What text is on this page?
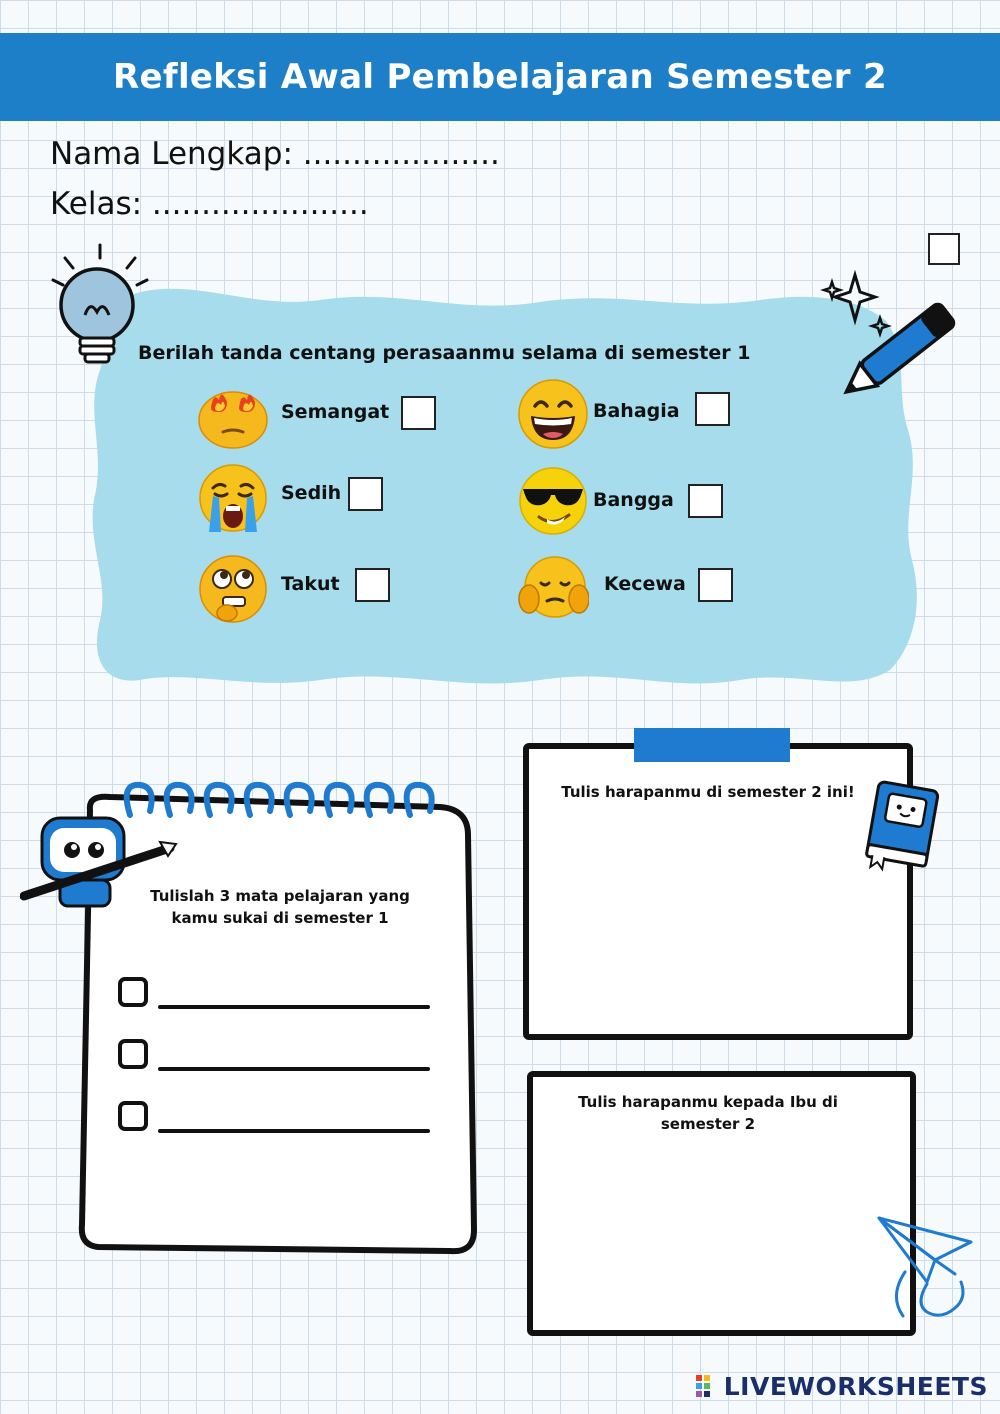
Refleksi Awal Pembelajaran Semester 2
Nama Lengkap: ....................
Kelas: ......................
Berilah tanda centang perasaanmu selama di semester 1
Semangat	Bahagia
Sedih	Bangga
Takut	Kecewa
Tulislah 3 mata pelajaran yang
kamu sukai di semester 1
Tulis harapanmu di semester 2 ini!
Tulis harapanmu kepada Ibu di
semester 2
LIVEWORKSHEETS
